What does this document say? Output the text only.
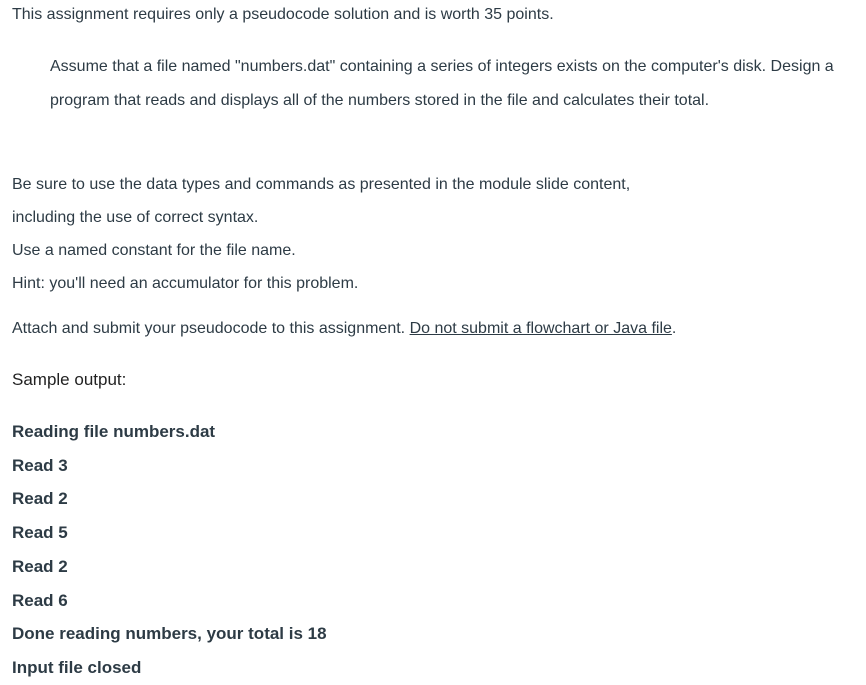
This assignment requires only a pseudocode solution and is worth 35 points.

Assume that a file named "numbers.dat" containing a series of integers exists on the computer's disk. Design a program that reads and displays all of the numbers stored in the file and calculates their total.

Be sure to use the data types and commands as presented in the module slide content,
including the use of correct syntax.
Use a named constant for the file name.
Hint: you'll need an accumulator for this problem.

Attach and submit your pseudocode to this assignment. Do not submit a flowchart or Java file.

Sample output:

Reading file numbers.dat
Read 3
Read 2
Read 5
Read 2
Read 6
Done reading numbers, your total is 18
Input file closed
